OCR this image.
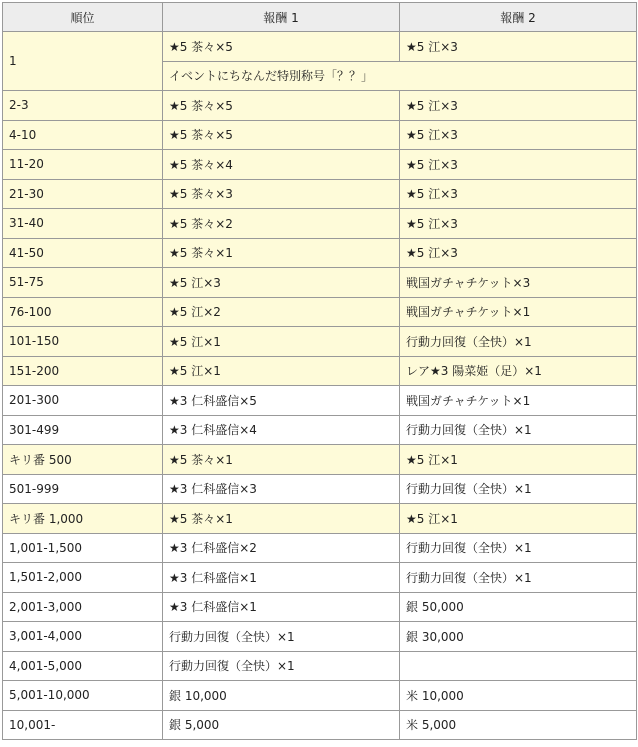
順位	報酬 1	報酬 2
1	★5 茶々×5	★5 江×3
	イベントにちなんだ特別称号「？？」	
2-3	★5 茶々×5	★5 江×3
4-10	★5 茶々×5	★5 江×3
11-20	★5 茶々×4	★5 江×3
21-30	★5 茶々×3	★5 江×3
31-40	★5 茶々×2	★5 江×3
41-50	★5 茶々×1	★5 江×3
51-75	★5 江×3	戦国ガチャチケット×3
76-100	★5 江×2	戦国ガチャチケット×1
101-150	★5 江×1	行動力回復（全快）×1
151-200	★5 江×1	レア★3 陽菜姫（足）×1
201-300	★3 仁科盛信×5	戦国ガチャチケット×1
301-499	★3 仁科盛信×4	行動力回復（全快）×1
キリ番 500	★5 茶々×1	★5 江×1
501-999	★3 仁科盛信×3	行動力回復（全快）×1
キリ番 1,000	★5 茶々×1	★5 江×1
1,001-1,500	★3 仁科盛信×2	行動力回復（全快）×1
1,501-2,000	★3 仁科盛信×1	行動力回復（全快）×1
2,001-3,000	★3 仁科盛信×1	銀 50,000
3,001-4,000	行動力回復（全快）×1	銀 30,000
4,001-5,000	行動力回復（全快）×1	
5,001-10,000	銀 10,000	米 10,000
10,001-	銀 5,000	米 5,000
